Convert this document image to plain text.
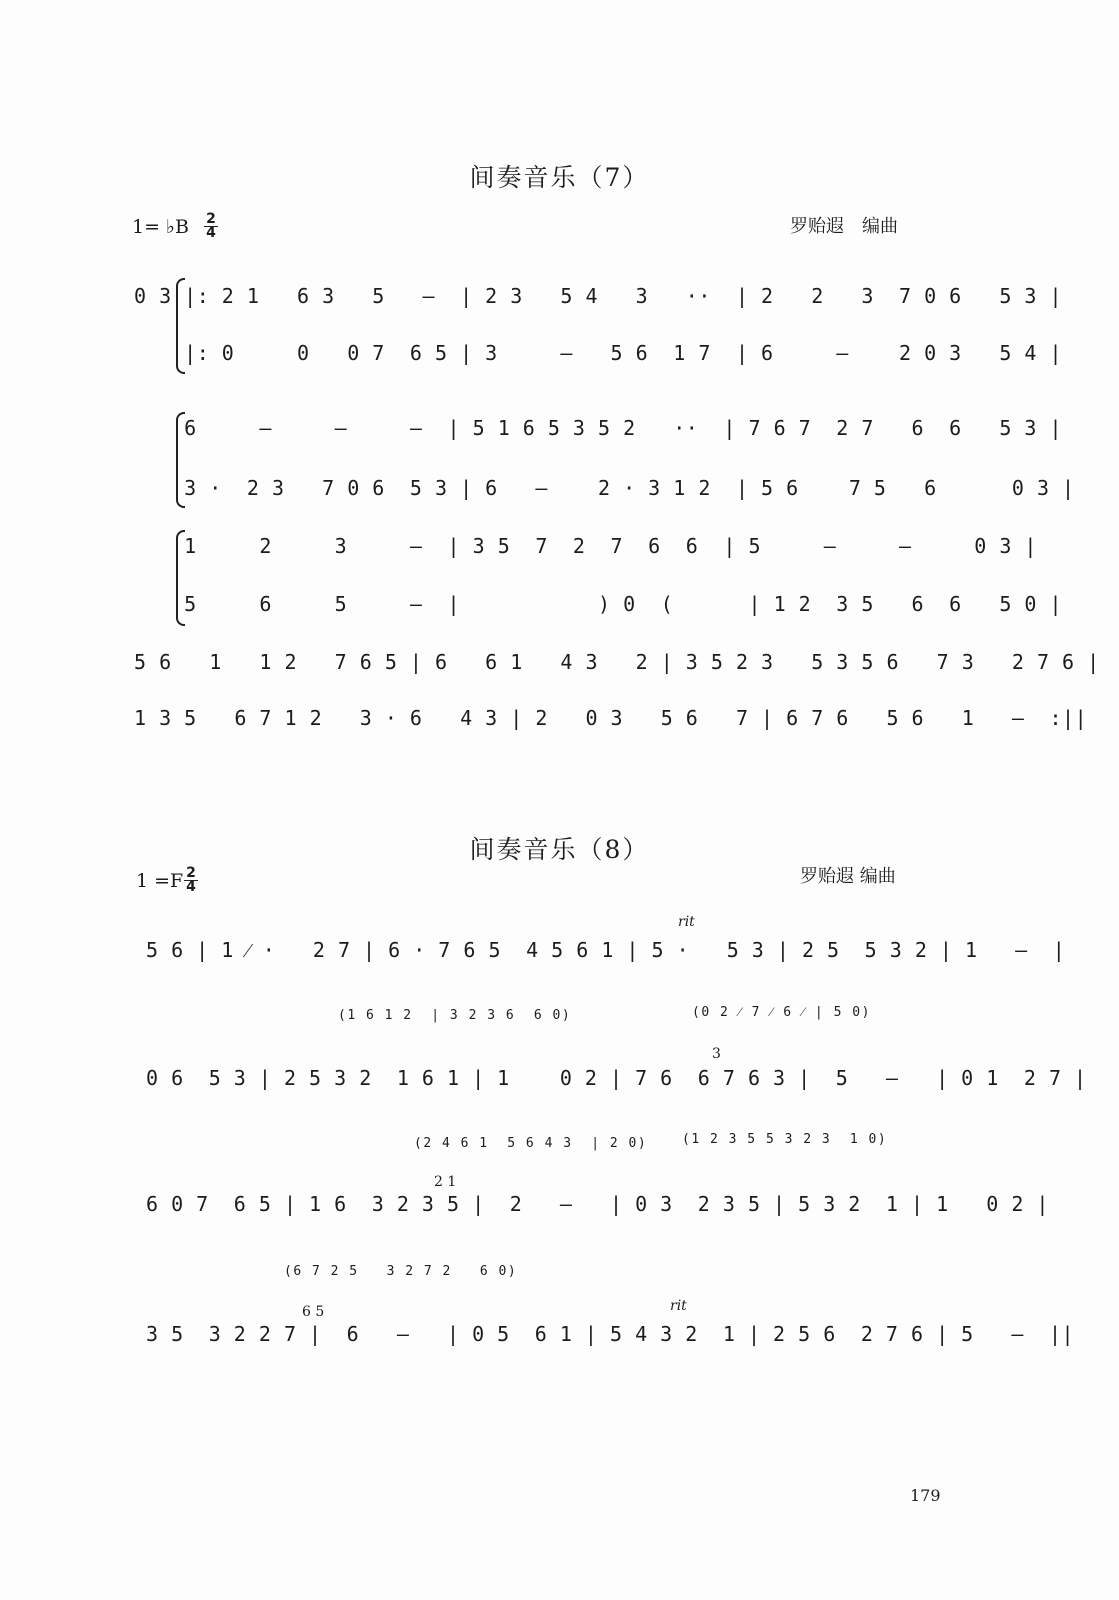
间奏音乐（7）
1= ♭B 2
4	罗贻遐　编曲
0 3 |: 2 1   6 3   5   —  | 2 3   5 4   3   ··  | 2   2   3  7 0 6   5 3 |
|: 0     0   0 7  6 5 | 3     —   5 6  1 7  | 6     —    2 0 3   5 4 |
6     —     —     —  | 5 1 6 5 3 5 2   ··  | 7 6 7  2 7   6  6   5 3 |
3 ·  2 3   7 0 6  5 3 | 6   —    2 · 3 1 2  | 5 6    7 5   6      0 3 |
1     2     3     —  | 3 5  7  2  7  6  6  | 5     —     —     0 3 |
5     6     5     —  |           ) 0  (      | 1 2  3 5   6  6   5 0 |
5 6   1   1 2   7 6 5 | 6   6 1   4 3   2 | 3 5 2 3   5 3 5 6   7 3   2 7 6 |
1 3 5   6 7 1 2   3 · 6   4 3 | 2   0 3   5 6   7 | 6 7 6   5 6   1   —  :||
间奏音乐（8）
1 =F 2
4	罗贻遐 编曲
rit
5 6 | 1 ⁄ ·   2 7 | 6 · 7 6 5  4 5 6 1 | 5 ·   5 3 | 2 5  5 3 2 | 1   —  |
(1 6 1 2  | 3 2 3 6  6 0)	(0 2 ⁄ 7 ⁄ 6 ⁄ | 5 0)
3
0 6  5 3 | 2 5 3 2  1 6 1 | 1    0 2 | 7 6  6 7 6 3 |  5   —   | 0 1  2 7 |
(2 4 6 1  5 6 4 3  | 2 0)	(1 2 3 5 5 3 2 3  1 0)
2 1
6 0 7  6 5 | 1 6  3 2 3 5 |  2   —   | 0 3  2 3 5 | 5 3 2  1 | 1   0 2 |
(6 7 2 5   3 2 7 2   6 0)
6 5	rit
3 5  3 2 2 7 |  6   —   | 0 5  6 1 | 5 4 3 2  1 | 2 5 6  2 7 6 | 5   —  ||
179
